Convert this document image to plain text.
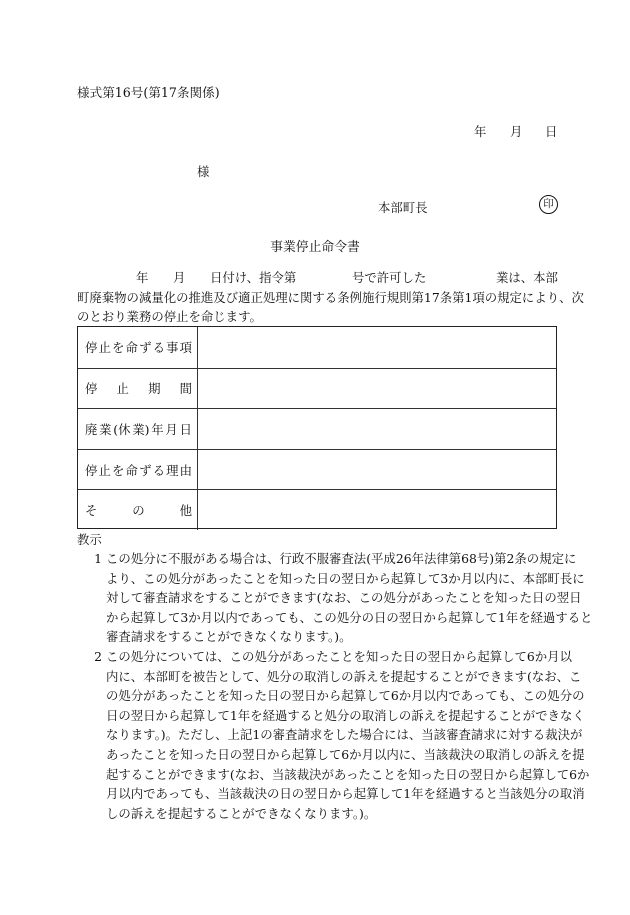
様式第16号(第17条関係)
年 月 日
様
本部町長	印
事業停止命令書
年 月 日付け、指令第	号で許可した	業は、本部
町廃棄物の減量化の推進及び適正処理に関する条例施行規則第17条第1項の規定により、次
のとおり業務の停止を命じます。
停 止 を 命 ず る 事 項
停 止 期 間
廃 業 (休 業) 年 月 日
停 止 を 命 ず る 理 由
そ	の	他
教示
1 この処分に不服がある場合は、行政不服審査法(平成26年法律第68号)第2条の規定に
より、この処分があったことを知った日の翌日から起算して3か月以内に、本部町長に
対して審査請求をすることができます(なお、この処分があったことを知った日の翌日
から起算して3か月以内であっても、この処分の日の翌日から起算して1年を経過すると
審査請求をすることができなくなります。)。
2 この処分については、この処分があったことを知った日の翌日から起算して6か月以
内に、本部町を被告として、処分の取消しの訴えを提起することができます(なお、こ
の処分があったことを知った日の翌日から起算して6か月以内であっても、この処分の
日の翌日から起算して1年を経過すると処分の取消しの訴えを提起することができなく
なります。)。ただし、上記1の審査請求をした場合には、当該審査請求に対する裁決が
あったことを知った日の翌日から起算して6か月以内に、当該裁決の取消しの訴えを提
起することができます(なお、当該裁決があったことを知った日の翌日から起算して6か
月以内であっても、当該裁決の日の翌日から起算して1年を経過すると当該処分の取消
しの訴えを提起することができなくなります。)。
